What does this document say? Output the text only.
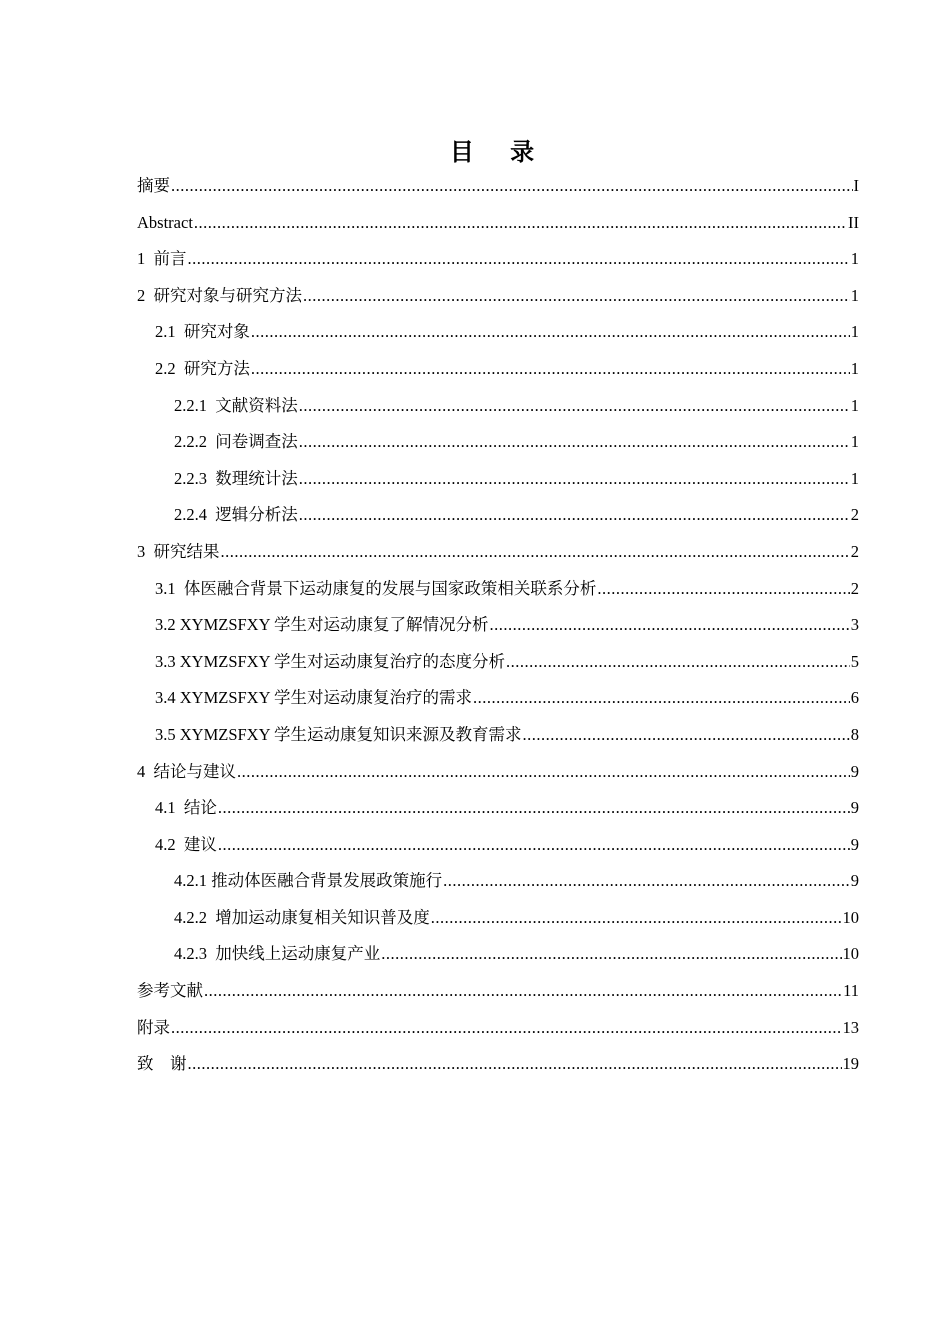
目 录
摘要 .....	I
Abstract .....	II
1  前言 .....	1
2  研究对象与研究方法 .....	1
2.1  研究对象 .....	1
2.2  研究方法 .....	1
2.2.1  文献资料法 .....	1
2.2.2  问卷调查法 .....	1
2.2.3  数理统计法 .....	1
2.2.4  逻辑分析法 .....	2
3  研究结果 .....	2
3.1  体医融合背景下运动康复的发展与国家政策相关联系分析 .....	2
3.2 XYMZSFXY 学生对运动康复了解情况分析 .....	3
3.3 XYMZSFXY 学生对运动康复治疗的态度分析 .....	5
3.4 XYMZSFXY 学生对运动康复治疗的需求 .....	6
3.5 XYMZSFXY 学生运动康复知识来源及教育需求 .....	8
4  结论与建议 .....	9
4.1  结论 .....	9
4.2  建议 .....	9
4.2.1 推动体医融合背景发展政策施行 .....	9
4.2.2  增加运动康复相关知识普及度 .....	10
4.2.3  加快线上运动康复产业 .....	10
参考文献 .....	11
附录 .....	13
致    谢 .....	19
